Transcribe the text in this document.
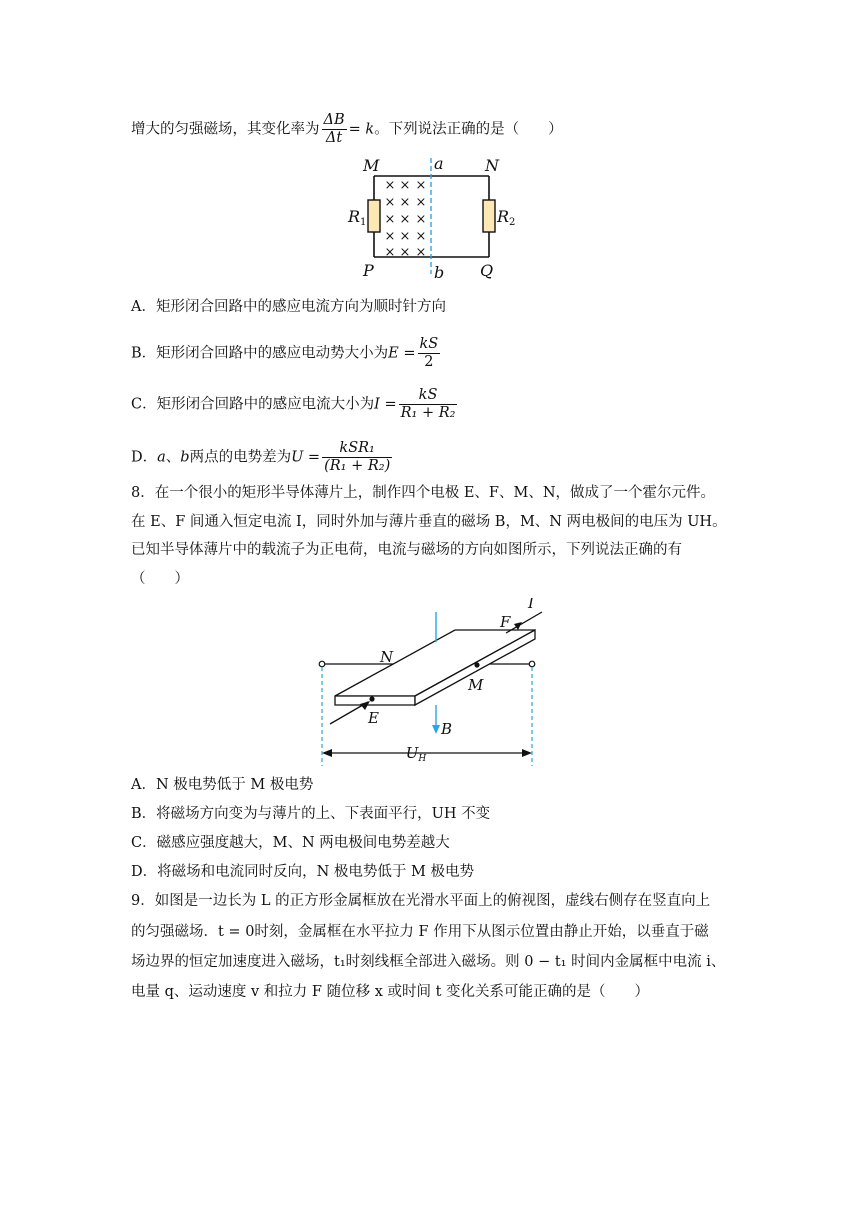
增大的匀强磁场，其变化率为 $\frac{\Delta B}{\Delta t} = k$。下列说法正确的是（　　）
× × ×
× × ×
× × ×
× × ×
× × ×
M	a	N
P	b Q
R1	R2
A．矩形闭合回路中的感应电流方向为顺时针方向
B．矩形闭合回路中的感应电动势大小为$E = \frac{kS}{2}$
C．矩形闭合回路中的感应电流大小为$I = \frac{kS}{\text{R₁ + R₂}}$
D．a、b两点的电势差为$U = \frac{\text{kSR₁}}{\text{(R₁ + R₂)}}$
8．在一个很小的矩形半导体薄片上，制作四个电极 E、F、M、N，做成了一个霍尔元件。
在 E、F 间通入恒定电流 I，同时外加与薄片垂直的磁场 B，M、N 两电极间的电压为 UH。
已知半导体薄片中的载流子为正电荷，电流与磁场的方向如图所示，下列说法正确的有
（　　）
I
F
N
M
E
B
$U_H$
A．N 极电势低于 M 极电势
B．将磁场方向变为与薄片的上、下表面平行，UH 不变
C．磁感应强度越大，M、N 两电极间电势差越大
D．将磁场和电流同时反向，N 极电势低于 M 极电势
9．如图是一边长为 L 的正方形金属框放在光滑水平面上的俯视图，虚线右侧存在竖直向上
的匀强磁场．t = 0时刻，金属框在水平拉力 F 作用下从图示位置由静止开始，以垂直于磁
场边界的恒定加速度进入磁场，t₁时刻线框全部进入磁场。则 0 − t₁ 时间内金属框中电流 i、
电量 q、运动速度 v 和拉力 F 随位移 x 或时间 t 变化关系可能正确的是（　　）
